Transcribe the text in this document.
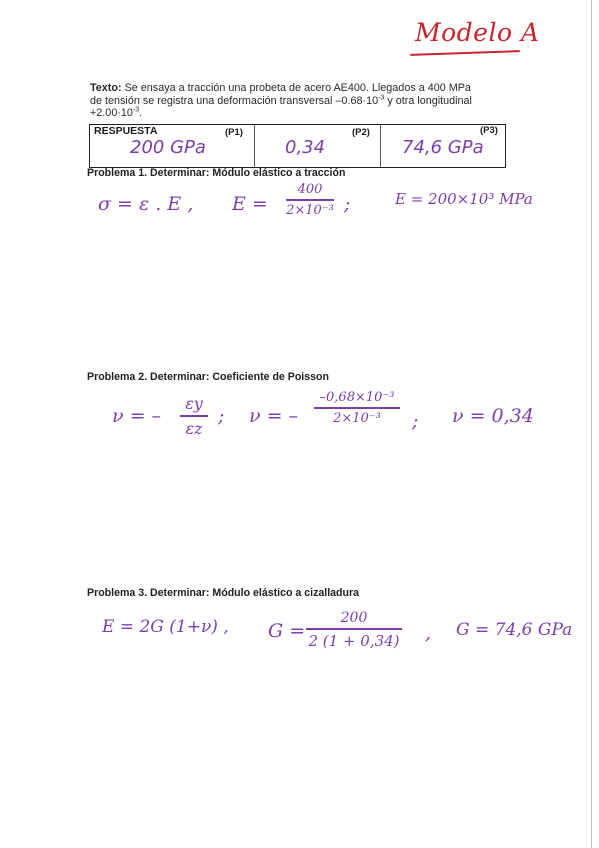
Modelo A
Texto: Se ensaya a tracción una probeta de acero AE400. Llegados a 400 MPa
de tensión se registra una deformación transversal $-0.68\cdot 10^{-3}$ y otra longitudinal
$+2.00\cdot 10^{-3}$.
RESPUESTA	(P1)	(P2)	(P3)
200 GPa	0,34	74,6 GPa
Problema 1. Determinar: Módulo elástico a tracción
σ = ε . E , E =
400
2×10⁻³ ;	E = 200×10³ MPa
Problema 2. Determinar: Coeficiente de Poisson
ν = –
εy
εz
; ν = –
–0,68×10⁻³
2×10⁻³	; ν = 0,34
Problema 3. Determinar: Módulo elástico a cizalladura
E = 2G (1+ν) , G =
200
2 (1 + 0,34) , G = 74,6 GPa
